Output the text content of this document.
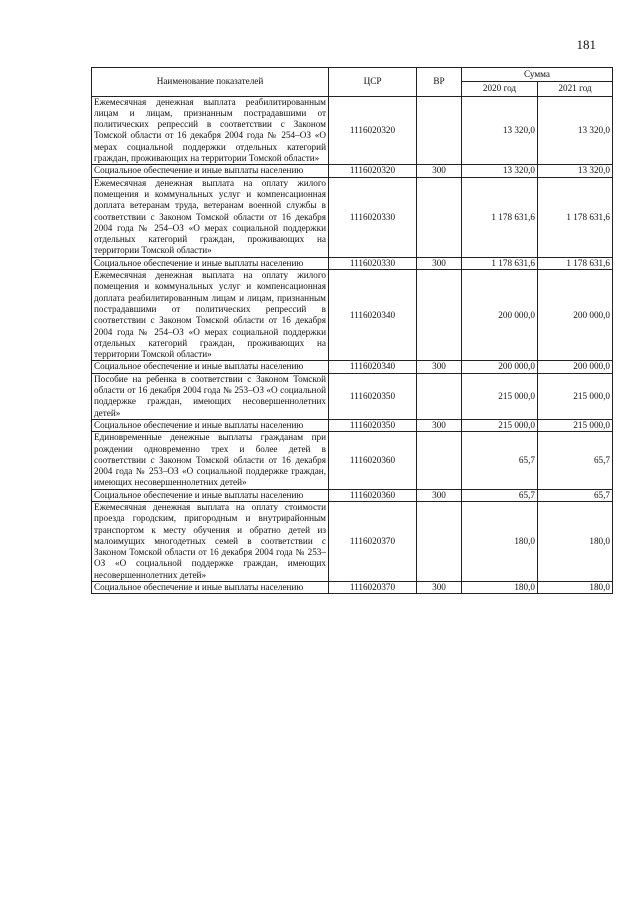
181
Наименование показателей	ЦСР	ВР	Сумма	
			2020 год	2021 год
Ежемесячная денежная выплата реабилитированным лицам и лицам, признанным пострадавшими от политических репрессий в соответствии с Законом Томской области от 16 декабря 2004 года № 254–ОЗ «О мерах социальной поддержки отдельных категорий граждан, проживающих на территории Томской области»	1116020320		13 320,0	13 320,0
Социальное обеспечение и иные выплаты населению	1116020320	300	13 320,0	13 320,0
Ежемесячная денежная выплата на оплату жилого помещения и коммунальных услуг и компенсационная доплата ветеранам труда, ветеранам военной службы в соответствии с Законом Томской области от 16 декабря 2004 года № 254–ОЗ «О мерах социальной поддержки отдельных категорий граждан, проживающих на территории Томской области»	1116020330		1 178 631,6	1 178 631,6
Социальное обеспечение и иные выплаты населению	1116020330	300	1 178 631,6	1 178 631,6
Ежемесячная денежная выплата на оплату жилого помещения и коммунальных услуг и компенсационная доплата реабилитированным лицам и лицам, признанным пострадавшими от политических репрессий в соответствии с Законом Томской области от 16 декабря 2004 года № 254–ОЗ «О мерах социальной поддержки отдельных категорий граждан, проживающих на территории Томской области»	1116020340		200 000,0	200 000,0
Социальное обеспечение и иные выплаты населению	1116020340	300	200 000,0	200 000,0
Пособие на ребенка в соответствии с Законом Томской области от 16 декабря 2004 года № 253–ОЗ «О социальной поддержке граждан, имеющих несовершеннолетних детей»	1116020350		215 000,0	215 000,0
Социальное обеспечение и иные выплаты населению	1116020350	300	215 000,0	215 000,0
Единовременные денежные выплаты гражданам при рождении одновременно трех и более детей в соответствии с Законом Томской области от 16 декабря 2004 года № 253–ОЗ «О социальной поддержке граждан, имеющих несовершеннолетних детей»	1116020360		65,7	65,7
Социальное обеспечение и иные выплаты населению	1116020360	300	65,7	65,7
Ежемесячная денежная выплата на оплату стоимости проезда городским, пригородным и внутрирайонным транспортом к месту обучения и обратно детей из малоимущих многодетных семей в соответствии с Законом Томской области от 16 декабря 2004 года № 253–ОЗ «О социальной поддержке граждан, имеющих несовершеннолетних детей»	1116020370		180,0	180,0
Социальное обеспечение и иные выплаты населению	1116020370	300	180,0	180,0
